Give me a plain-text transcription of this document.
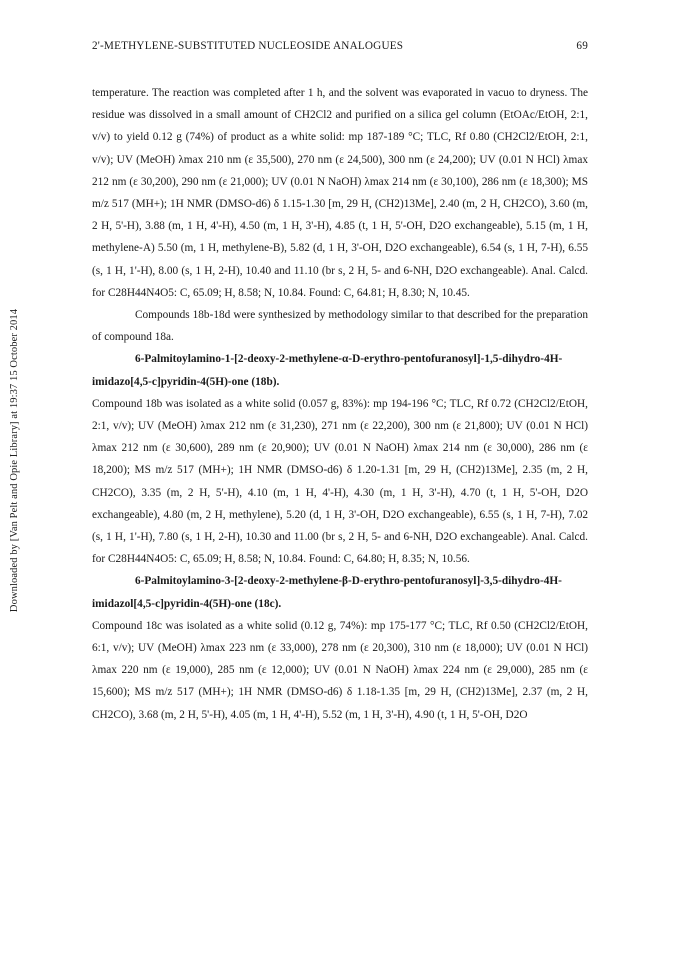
Downloaded by [Van Pelt and Opie Library] at 19:37 15 October 2014
2'-METHYLENE-SUBSTITUTED NUCLEOSIDE ANALOGUES	69

temperature. The reaction was completed after 1 h, and the solvent was evaporated in vacuo to dryness. The residue was dissolved in a small amount of CH2Cl2 and purified on a silica gel column (EtOAc/EtOH, 2:1, v/v) to yield 0.12 g (74%) of product as a white solid: mp 187-189 °C; TLC, Rf 0.80 (CH2Cl2/EtOH, 2:1, v/v); UV (MeOH) λmax 210 nm (ε 35,500), 270 nm (ε 24,500), 300 nm (ε 24,200); UV (0.01 N HCl) λmax 212 nm (ε 30,200), 290 nm (ε 21,000); UV (0.01 N NaOH) λmax 214 nm (ε 30,100), 286 nm (ε 18,300); MS m/z 517 (MH+); 1H NMR (DMSO-d6) δ 1.15-1.30 [m, 29 H, (CH2)13Me], 2.40 (m, 2 H, CH2CO), 3.60 (m, 2 H, 5'-H), 3.88 (m, 1 H, 4'-H), 4.50 (m, 1 H, 3'-H), 4.85 (t, 1 H, 5'-OH, D2O exchangeable), 5.15 (m, 1 H, methylene-A) 5.50 (m, 1 H, methylene-B), 5.82 (d, 1 H, 3'-OH, D2O exchangeable), 6.54 (s, 1 H, 7-H), 6.55 (s, 1 H, 1'-H), 8.00 (s, 1 H, 2-H), 10.40 and 11.10 (br s, 2 H, 5- and 6-NH, D2O exchangeable). Anal. Calcd. for C28H44N4O5: C, 65.09; H, 8.58; N, 10.84. Found: C, 64.81; H, 8.30; N, 10.45.

Compounds 18b-18d were synthesized by methodology similar to that described for the preparation of compound 18a.

6-Palmitoylamino-1-[2-deoxy-2-methylene-α-D-erythro-pentofuranosyl]-1,5-dihydro-4H-imidazo[4,5-c]pyridin-4(5H)-one (18b).

Compound 18b was isolated as a white solid (0.057 g, 83%): mp 194-196 °C; TLC, Rf 0.72 (CH2Cl2/EtOH, 2:1, v/v); UV (MeOH) λmax 212 nm (ε 31,230), 271 nm (ε 22,200), 300 nm (ε 21,800); UV (0.01 N HCl) λmax 212 nm (ε 30,600), 289 nm (ε 20,900); UV (0.01 N NaOH) λmax 214 nm (ε 30,000), 286 nm (ε 18,200); MS m/z 517 (MH+); 1H NMR (DMSO-d6) δ 1.20-1.31 [m, 29 H, (CH2)13Me], 2.35 (m, 2 H, CH2CO), 3.35 (m, 2 H, 5'-H), 4.10 (m, 1 H, 4'-H), 4.30 (m, 1 H, 3'-H), 4.70 (t, 1 H, 5'-OH, D2O exchangeable), 4.80 (m, 2 H, methylene), 5.20 (d, 1 H, 3'-OH, D2O exchangeable), 6.55 (s, 1 H, 7-H), 7.02 (s, 1 H, 1'-H), 7.80 (s, 1 H, 2-H), 10.30 and 11.00 (br s, 2 H, 5- and 6-NH, D2O exchangeable). Anal. Calcd. for C28H44N4O5: C, 65.09; H, 8.58; N, 10.84. Found: C, 64.80; H, 8.35; N, 10.56.

6-Palmitoylamino-3-[2-deoxy-2-methylene-β-D-erythro-pentofuranosyl]-3,5-dihydro-4H-imidazol[4,5-c]pyridin-4(5H)-one (18c).

Compound 18c was isolated as a white solid (0.12 g, 74%): mp 175-177 °C; TLC, Rf 0.50 (CH2Cl2/EtOH, 6:1, v/v); UV (MeOH) λmax 223 nm (ε 33,000), 278 nm (ε 20,300), 310 nm (ε 18,000); UV (0.01 N HCl) λmax 220 nm (ε 19,000), 285 nm (ε 12,000); UV (0.01 N NaOH) λmax 224 nm (ε 29,000), 285 nm (ε 15,600); MS m/z 517 (MH+); 1H NMR (DMSO-d6) δ 1.18-1.35 [m, 29 H, (CH2)13Me], 2.37 (m, 2 H, CH2CO), 3.68 (m, 2 H, 5'-H), 4.05 (m, 1 H, 4'-H), 5.52 (m, 1 H, 3'-H), 4.90 (t, 1 H, 5'-OH, D2O
